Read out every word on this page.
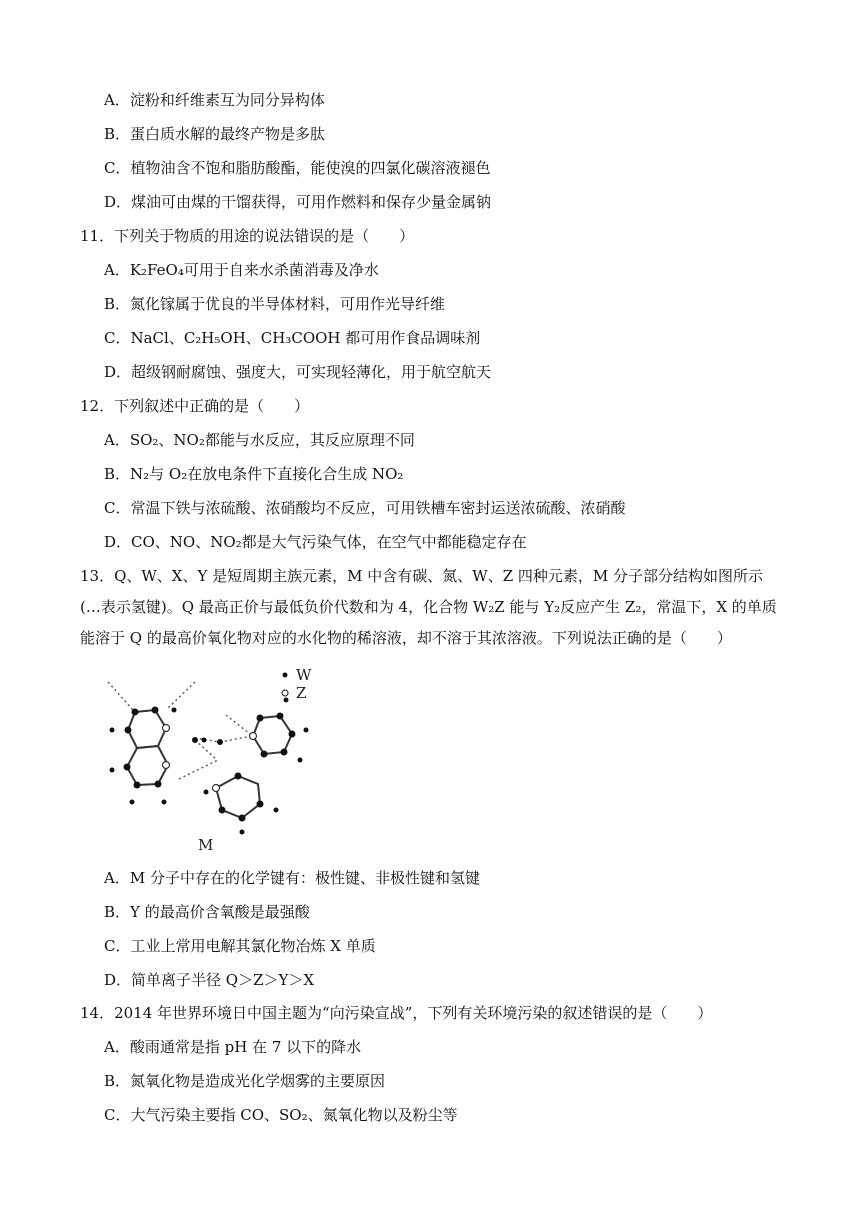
A．淀粉和纤维素互为同分异构体
B．蛋白质水解的最终产物是多肽
C．植物油含不饱和脂肪酸酯，能使溴的四氯化碳溶液褪色
D．煤油可由煤的干馏获得，可用作燃料和保存少量金属钠
11．下列关于物质的用途的说法错误的是（　　）
A．K₂FeO₄可用于自来水杀菌消毒及净水
B．氮化镓属于优良的半导体材料，可用作光导纤维
C．NaCl、C₂H₅OH、CH₃COOH 都可用作食品调味剂
D．超级钢耐腐蚀、强度大，可实现轻薄化，用于航空航天
12．下列叙述中正确的是（　　）
A．SO₂、NO₂都能与水反应，其反应原理不同
B．N₂与 O₂在放电条件下直接化合生成 NO₂
C．常温下铁与浓硫酸、浓硝酸均不反应，可用铁槽车密封运送浓硫酸、浓硝酸
D．CO、NO、NO₂都是大气污染气体，在空气中都能稳定存在
13．Q、W、X、Y 是短周期主族元素，M 中含有碳、氮、W、Z 四种元素，M 分子部分结构如图所示(…表示氢键)。Q 最高正价与最低负价代数和为 4，化合物 W₂Z 能与 Y₂反应产生 Z₂，常温下，X 的单质能溶于 Q 的最高价氧化物对应的水化物的稀溶液，却不溶于其浓溶液。下列说法正确的是（　　）
W
Z
M
A．M 分子中存在的化学键有：极性键、非极性键和氢键
B．Y 的最高价含氧酸是最强酸
C．工业上常用电解其氯化物冶炼 X 单质
D．简单离子半径 Q＞Z＞Y＞X
14．2014 年世界环境日中国主题为“向污染宣战”，下列有关环境污染的叙述错误的是（　　）
A．酸雨通常是指 pH 在 7 以下的降水
B．氮氧化物是造成光化学烟雾的主要原因
C．大气污染主要指 CO、SO₂、氮氧化物以及粉尘等
